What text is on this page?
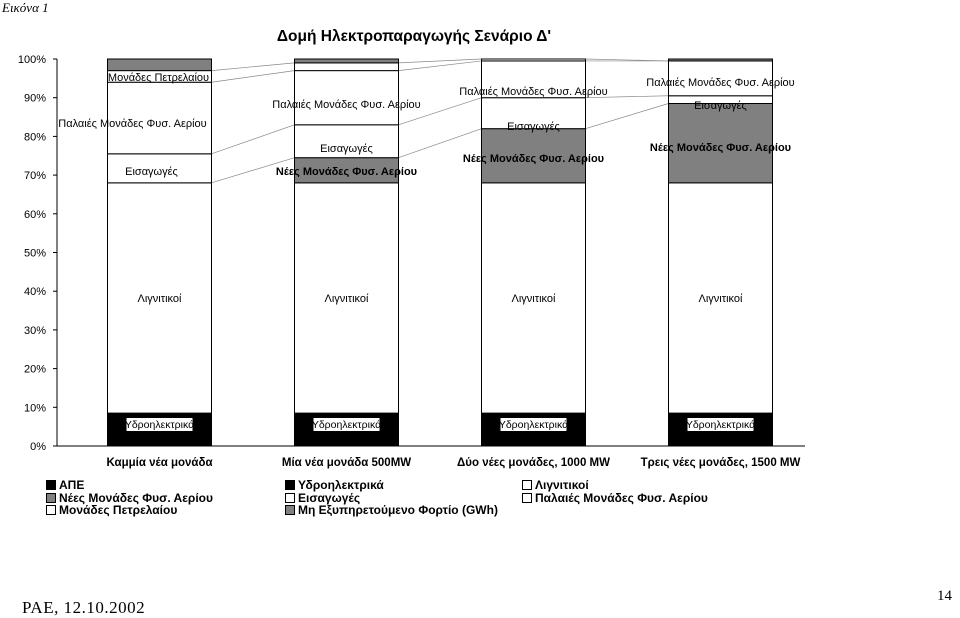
Εικόνα 1
Δομή Ηλεκτροπαραγωγής Σενάριο Δ'
0%
10%
20%
30%
40%
50%
60%
70%
80%
90%
100%
Μονάδες Πετρελαίου
Παλαιές Μονάδες Φυσ. Αερίου
Εισαγωγές
Λιγνιτικοί
Υδροηλεκτρικά
Παλαιές Μονάδες Φυσ. Αερίου
Εισαγωγές
Νέες Μονάδες Φυσ. Αερίου
Λιγνιτικοί
Υδροηλεκτρικά
Παλαιές Μονάδες Φυσ. Αερίου
Εισαγωγές
Νέες Μονάδες Φυσ. Αερίου
Λιγνιτικοί
Υδροηλεκτρικά
Παλαιές Μονάδες Φυσ. Αερίου
Εισαγωγές
Νέες Μονάδες Φυσ. Αερίου
Λιγνιτικοί
Υδροηλεκτρικά
Καμμία νέα μονάδα	Μία νέα μονάδα 500MW	Δύο νέες μονάδες, 1000 MW	Τρεις νέες μονάδες, 1500 MW
ΑΠΕ	Υδροηλεκτρικά	Λιγνιτικοί
Νέες Μονάδες Φυσ. Αερίου	Εισαγωγές	Παλαιές Μονάδες Φυσ. Αερίου
Μονάδες Πετρελαίου	Μη Εξυπηρετούμενο Φορτίο (GWh)
ΡΑΕ, 12.10.2002
14
